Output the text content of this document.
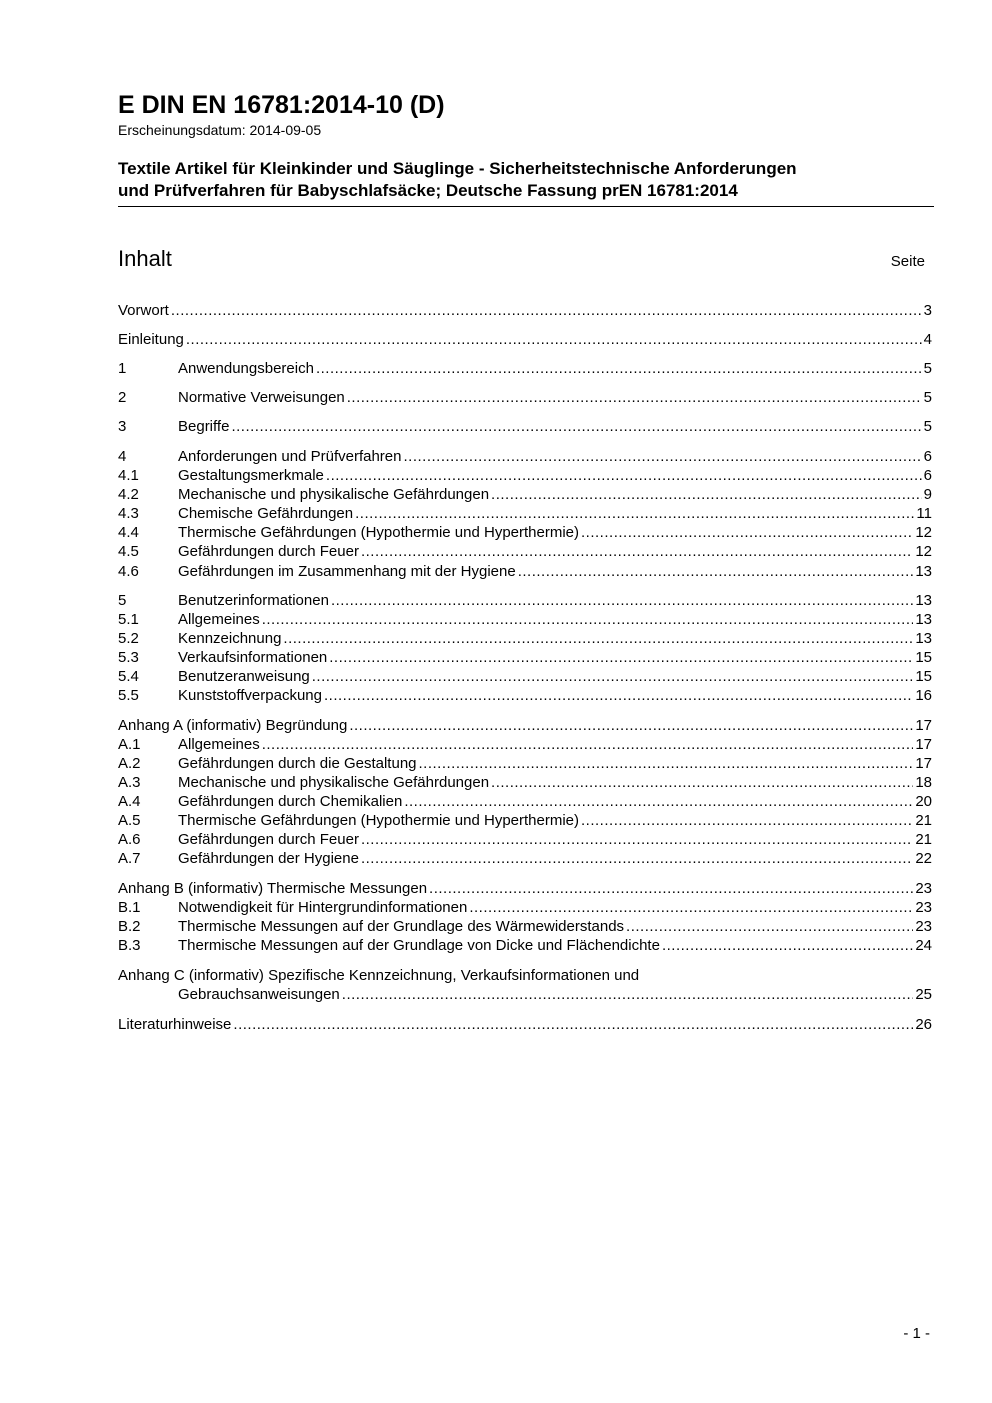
E DIN EN 16781:2014-10 (D)
Erscheinungsdatum: 2014-09-05
Textile Artikel für Kleinkinder und Säuglinge - Sicherheitstechnische Anforderungen
und Prüfverfahren für Babyschlafsäcke; Deutsche Fassung prEN 16781:2014
Inhalt	Seite
Vorwort .....	3
Einleitung .....	4
1	Anwendungsbereich .....	5
2	Normative Verweisungen .....	5
3	Begriffe .....	5
4	Anforderungen und Prüfverfahren .....	6
4.1	Gestaltungsmerkmale .....	6
4.2	Mechanische und physikalische Gefährdungen .....	9
4.3	Chemische Gefährdungen .....	11
4.4	Thermische Gefährdungen (Hypothermie und Hyperthermie) .....	12
4.5	Gefährdungen durch Feuer .....	12
4.6	Gefährdungen im Zusammenhang mit der Hygiene .....	13
5	Benutzerinformationen .....	13
5.1	Allgemeines .....	13
5.2	Kennzeichnung .....	13
5.3	Verkaufsinformationen .....	15
5.4	Benutzeranweisung .....	15
5.5	Kunststoffverpackung .....	16
Anhang A (informativ) Begründung .....	17
A.1	Allgemeines .....	17
A.2	Gefährdungen durch die Gestaltung .....	17
A.3	Mechanische und physikalische Gefährdungen .....	18
A.4	Gefährdungen durch Chemikalien .....	20
A.5	Thermische Gefährdungen (Hypothermie und Hyperthermie) .....	21
A.6	Gefährdungen durch Feuer .....	21
A.7	Gefährdungen der Hygiene .....	22
Anhang B (informativ) Thermische Messungen .....	23
B.1	Notwendigkeit für Hintergrundinformationen .....	23
B.2	Thermische Messungen auf der Grundlage des Wärmewiderstands .....	23
B.3	Thermische Messungen auf der Grundlage von Dicke und Flächendichte .....	24
Anhang C (informativ) Spezifische Kennzeichnung, Verkaufsinformationen und
Gebrauchsanweisungen .....	25
Literaturhinweise .....	26
- 1 -
